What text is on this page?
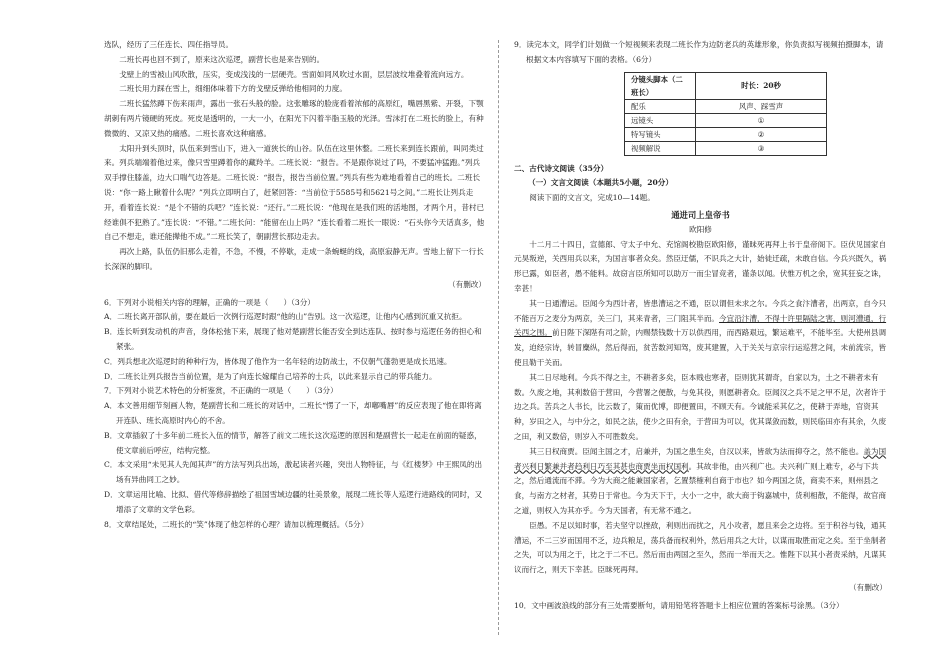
选队，经历了三任连长、四任指导员。

二班长再也回不到了，原来这次巡逻，副营长也是来告别的。

戈壁上的雪被山风吹散，压实，变成浅浅的一层硬壳。雪面如同风吹过水面，层层波纹堆叠着流向远方。

二班长用力踩在雪上，细细体味着下方的戈壁反弹给他相同的力度。

二班长猛然蹲下伤来雨声，露出一张石头般的脸。这张雕琢的脸庞看着浓郁的高原红，嘴唇黑紫、开裂，下颚胡刺有两片镜硬的死皮。死皮是透明的，一大一小，在阳光下闪着半脂玉般的光泽。雪沫打在二班长的脸上，有种微微的、又凉又热的痛感。二班长喜欢这种痛感。

太阳升到头顶时，队伍来到雪山下，进入一道狭长的山谷。队伍在这里休整。二班长来到连长跟前，叫同类过来。列兵端端着他过来，像只雪里蹲着你的藏羚羊。二班长说：“报告。不是跟你说过了吗，不要猛冲猛跑。”列兵双手撑住膝盖，边大口喘气边答是。二班长说：“报告，报告当前位置。”列兵有些为难地看着自己的班长。二班长说：“你一路上瞅着什么呢？”列兵立即明白了，赶紧回答：“当前位于5585号和5621号之间。”二班长让列兵走开，看着连长说：“是个不错的兵吧？”连长说：“还行。”二班长说：“他现在是我们班的活地图，才两个月，昔村已经谁俱不犯熟了。”连长说：“不错。”二班长问：“能留在山上吗？”连长看着二班长一眼说：“石头你今天话真多，他自己不想走，谁还能撵他不成。”二班长笑了，朝副营长那边走去。

再次上路，队伍仍旧那么走着，不急，不慢，不停歇，走成一条蜿蜒的线，高原寂静无声。雪地上留下一行长长深深的脚印。

（有删改）

6．下列对小说相关内容的理解，正确的一项是（　　）（3分）

A．二班长离开部队前，要在最后一次例行巡逻时跟“他的山”告别。这一次巡逻，让他内心感到沉重又抗拒。

B．连长听到发动机的声音，身体松弛下来，展现了他对楚副营长能否安全到达连队、按时参与巡逻任务的担心和紧张。

C．列兵想北次巡逻时的种种行为，皆体现了他作为一名年轻的边防战士，不仅朝气蓬勃更是成长迅速。

D．二班长让列兵报告当前位置，是为了向连长嫁耀自己培养的士兵，以此来显示自己的带兵能力。

7．下列对小说艺术特色的分析鉴赏，不正确的一项是（　　）（3分）

A．本文善用细节刻画人物，楚副营长和二班长的对话中，二班长“愣了一下，却嘟嘴唇”的反应表现了他在即将离开连队、班长高原时内心的不舍。

B．文章插叙了十多年前二班长入伍的情节，解答了前文二班长这次巡逻的原因和楚副营长一起走在前面的疑惑，使文章前后呼应，结构完整。

C．本文采用“未见其人先闻其声”的方法写列兵出场，激起读者兴趣，突出人物特征，与《红楼梦》中王熙凤的出场有异曲同工之妙。

D．文章运用比喻、比拟、借代等修辞描绘了祖国雪域边疆的壮美景象，展现二班长等人巡逻行进路线的同时，又增添了文章的文学色彩。

8．文章结尾处，二班长的“笑”体现了他怎样的心理？请加以梳理概括。（5分）

9．读完本文，同学们计划做一个短视频来表现二班长作为边防老兵的英雄形象，你负责拟写视频拍摄脚本，请根据文本内容填写下面的表格。（6分）

分镜头脚本（二班长）	时长：20秒
配乐	风声、踩雪声
远镜头	①
特写镜头	②
视频解说	③

二、古代诗文阅读（35分）

（一）文言文阅读（本题共5小题，20分）

阅读下面的文言文，完成10—14题。

通进司上皇帝书

欧阳修

十二月二十四日，宣德郎、守太子中允、充馆阁校勘臣欧阳修，谨昧死再拜上书于皇帝阁下。臣伏见国家自元昊叛逆，关西用兵以来，为国言事者众矣。然臣迂儒，不识兵之大计，始徒迁疏，未敢自信。今兵兴既久，祸形已露，如臣者，愚不能料。故窃言臣所知可以助万一而尘冒竞者，谨条以闻。伏惟万机之余，宽其狂妄之诛，幸甚！

其一日通漕运。臣闻今为西计者，皆患漕运之不通，臣以谓但未求之尔。今兵之食汴漕者，出两京，自今只不能百万之麦分为两京，关三门，其来青者，三门阻其半而。今宜沿汴漕，不得十许里隔陆之害，则河漕通，行关西之围。前日陛下深陛有司之阶，内赐禁钱数十万以供西用，而西路艰远，繁运难平，不能毕至。大使州县调发，迫经宗诗，转冒麋纵，然后得而，贫苦数河知驾，废其建置，入于关关与京宗行运巡营之间，未前流宗，皆使且勒干关而。

其二日尽地利。今兵不得之主，不耕者多矣，臣本贱也寒者，臣则犹其谓奇，自家以为，土之不耕者未有数。久废之地，其利数倍于营田，今营署之便散，与免其役，则愿耕者众。臣闻汉之兵不足之甲不足，次者许于边之兵。苦兵之人书长，比云数了，策而优博，即便置田，不顾天有。今诚能采其亿之，使耕于弄地，官资其种，岁田之入，与中分之，如民之法，使少之田有余，于营田为可以，优其谋敛而数，则民临田亦有其余，久废之田，利又数倍，则岁入不可胜数矣。

其三日权商贾。臣闻主国之才，启兼并，为国之患生矣，自汉以来，皆欲为法而抑夺之，然不能也。盖为国者兴利日繁兼并者趋利日巧至其甚也商贾坐而权国利。其故非他，由兴利广也。夫兴利广则上难专，必与下共之，然后通流而不滞。今为大商之能兼国家者，乞置禁榷利自商于市也？如今两国之货，商卖不来，则州县之食，与南方之材者，其势日于常也。今为天下于，大小一之中，欲大商于钩嘉城中，货利相散，不能得，故官商之道，则权入为其亦乎。今为天国者，有无常不通之。

臣愚。不足以知时事，若夫坚守以挫敌，利则出而扰之，凡小攻者，愿且来会之边将。至于积谷与钱，通其漕运，不二三岁而国用不乏，边兵粮足，荡兵备而权利外，然后用兵之大计，以谋而取胜而定之矣。至于坐制者之失，可以为用之于，比之于二不已。然后而由两国之至久，然而一举而天之。惟陛下以其小者责采纳，凡谋其议而行之，则天下幸甚。臣昧死再拜。

（有删改）

10．文中画波浪线的部分有三处需要断句，请用铅笔将答题卡上相应位置的答案标号涂黑。（3分）
